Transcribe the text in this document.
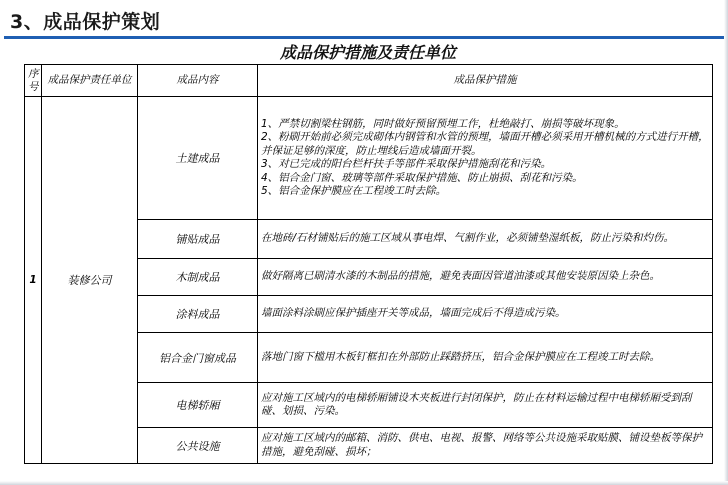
3、成品保护策划
成品保护措施及责任单位
序号	成品保护责任单位	成品内容	成品保护措施
1	装修公司	土建成品	1、严禁切割梁柱钢筋，同时做好预留预埋工作，杜绝敲打、崩损等破坏现象。
2、粉刷开始前必须完成砌体内钢管和水管的预埋，墙面开槽必须采用开槽机械的方式进行开槽，并保证足够的深度，防止埋线后造成墙面开裂。
3、对已完成的阳台栏杆扶手等部件采取保护措施刮花和污染。
4、铝合金门窗、玻璃等部件采取保护措施、防止崩损、刮花和污染。
5、铝合金保护膜应在工程竣工时去除。

		铺贴成品	在地砖/石材铺贴后的施工区域从事电焊、气割作业，必须铺垫湿纸板，防止污染和灼伤。

		木制成品	做好隔离已刷清水漆的木制品的措施，避免表面因管道油漆或其他安装原因染上杂色。

		涂料成品	墙面涂料涂刷应保护插座开关等成品，墙面完成后不得造成污染。

		铝合金门窗成品	落地门窗下槛用木板钉框扣在外部防止踩踏挤压，铝合金保护膜应在工程竣工时去除。

		电梯轿厢	应对施工区域内的电梯轿厢铺设木夹板进行封闭保护，防止在材料运输过程中电梯轿厢受到刮碰、划损、污染。

		公共设施	应对施工区域内的邮箱、消防、供电、电视、报警、网络等公共设施采取贴膜、铺设垫板等保护措施，避免刮碰、损坏；
